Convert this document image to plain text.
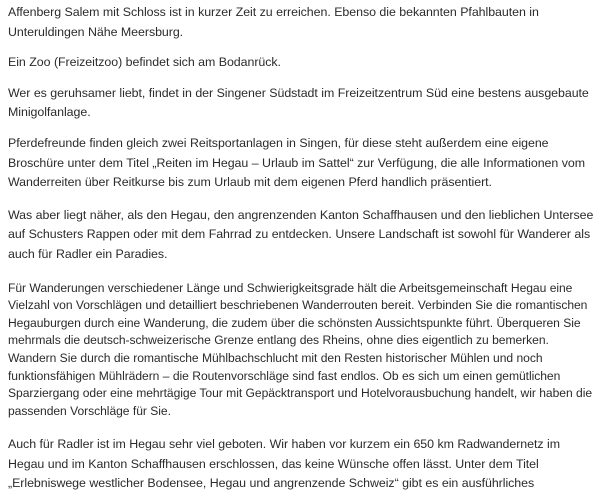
Affenberg Salem mit Schloss ist in kurzer Zeit zu erreichen. Ebenso die bekannten Pfahlbauten in Unteruldingen Nähe Meersburg.

Ein Zoo (Freizeitzoo) befindet sich am Bodanrück.

Wer es geruhsamer liebt, findet in der Singener Südstadt im Freizeitzentrum Süd eine bestens ausgebaute Minigolfanlage.

Pferdefreunde finden gleich zwei Reitsportanlagen in Singen, für diese steht außerdem eine eigene Broschüre unter dem Titel „Reiten im Hegau – Urlaub im Sattel“ zur Verfügung, die alle Informationen vom Wanderreiten über Reitkurse bis zum Urlaub mit dem eigenen Pferd handlich präsentiert.

Was aber liegt näher, als den Hegau, den angrenzenden Kanton Schaffhausen und den lieblichen Untersee auf Schusters Rappen oder mit dem Fahrrad zu entdecken. Unsere Landschaft ist sowohl für Wanderer als auch für Radler ein Paradies.

Für Wanderungen verschiedener Länge und Schwierigkeitsgrade hält die Arbeitsgemeinschaft Hegau eine Vielzahl von Vorschlägen und detailliert beschriebenen Wanderrouten bereit. Verbinden Sie die romantischen Hegauburgen durch eine Wanderung, die zudem über die schönsten Aussichtspunkte führt. Überqueren Sie mehrmals die deutsch-schweizerische Grenze entlang des Rheins, ohne dies eigentlich zu bemerken. Wandern Sie durch die romantische Mühlbachschlucht mit den Resten historischer Mühlen und noch funktionsfähigen Mühlrädern – die Routenvorschläge sind fast endlos. Ob es sich um einen gemütlichen Sparziergang oder eine mehrtägige Tour mit Gepäcktransport und Hotelvorausbuchung handelt, wir haben die passenden Vorschläge für Sie.

Auch für Radler ist im Hegau sehr viel geboten. Wir haben vor kurzem ein 650 km Radwandernetz im Hegau und im Kanton Schaffhausen erschlossen, das keine Wünsche offen lässt. Unter dem Titel „Erlebniswege westlicher Bodensee, Hegau und angrenzende Schweiz“ gibt es ein ausführliches
